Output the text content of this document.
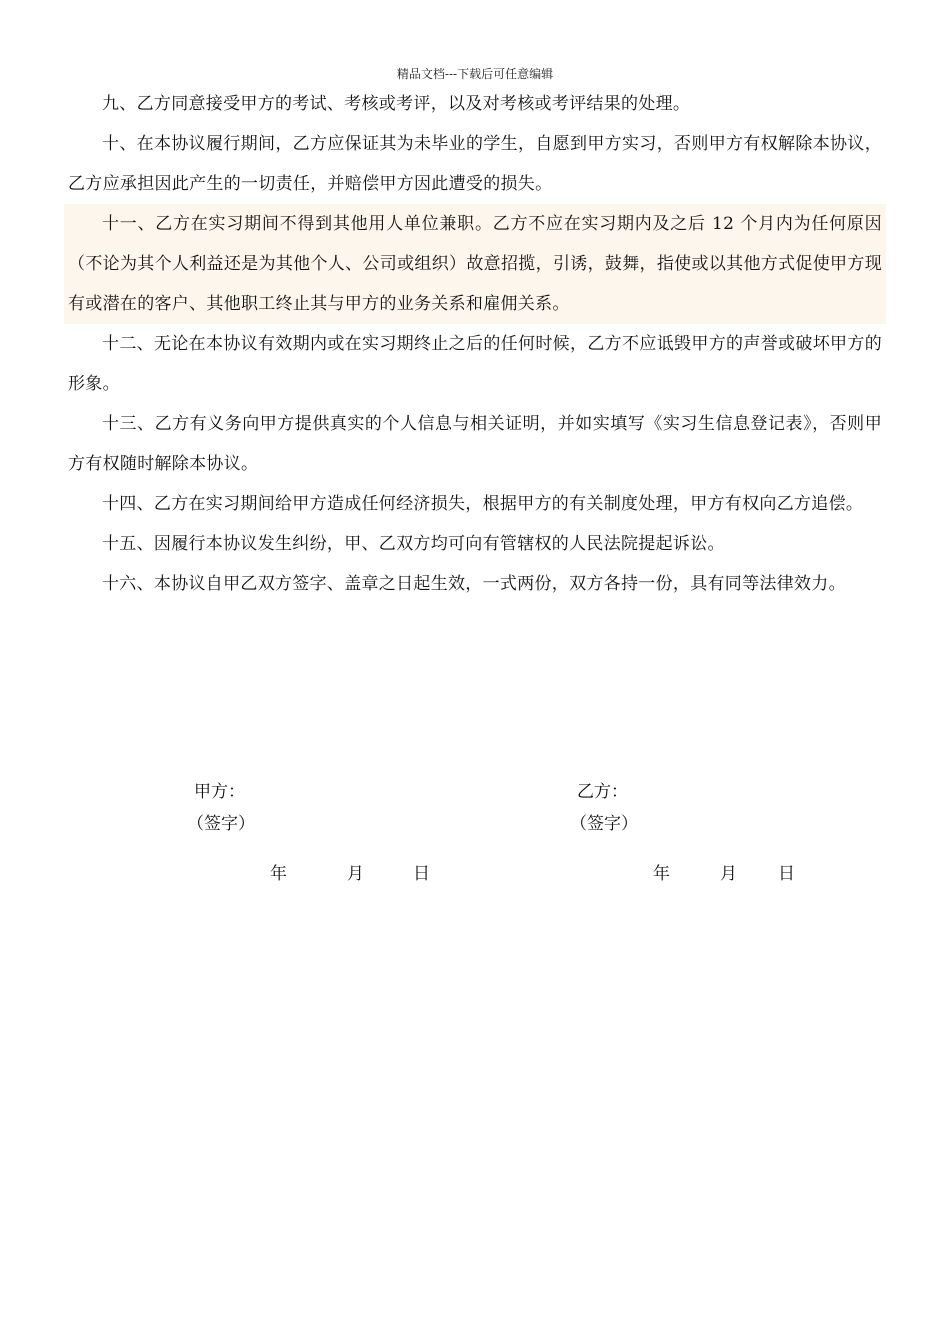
精品文档---下载后可任意编辑

九、乙方同意接受甲方的考试、考核或考评，以及对考核或考评结果的处理。

十、在本协议履行期间，乙方应保证其为未毕业的学生，自愿到甲方实习，否则甲方有权解除本协议，乙方应承担因此产生的一切责任，并赔偿甲方因此遭受的损失。

十一、乙方在实习期间不得到其他用人单位兼职。乙方不应在实习期内及之后 12 个月内为任何原因（不论为其个人利益还是为其他个人、公司或组织）故意招揽，引诱，鼓舞，指使或以其他方式促使甲方现有或潜在的客户、其他职工终止其与甲方的业务关系和雇佣关系。

十二、无论在本协议有效期内或在实习期终止之后的任何时候，乙方不应诋毁甲方的声誉或破坏甲方的形象。

十三、乙方有义务向甲方提供真实的个人信息与相关证明，并如实填写《实习生信息登记表》，否则甲方有权随时解除本协议。

十四、乙方在实习期间给甲方造成任何经济损失，根据甲方的有关制度处理，甲方有权向乙方追偿。

十五、因履行本协议发生纠纷，甲、乙双方均可向有管辖权的人民法院提起诉讼。

十六、本协议自甲乙双方签字、盖章之日起生效，一式两份，双方各持一份，具有同等法律效力。

甲方：
（签字）
年	月	日
乙方：
（签字）
年	月 日
